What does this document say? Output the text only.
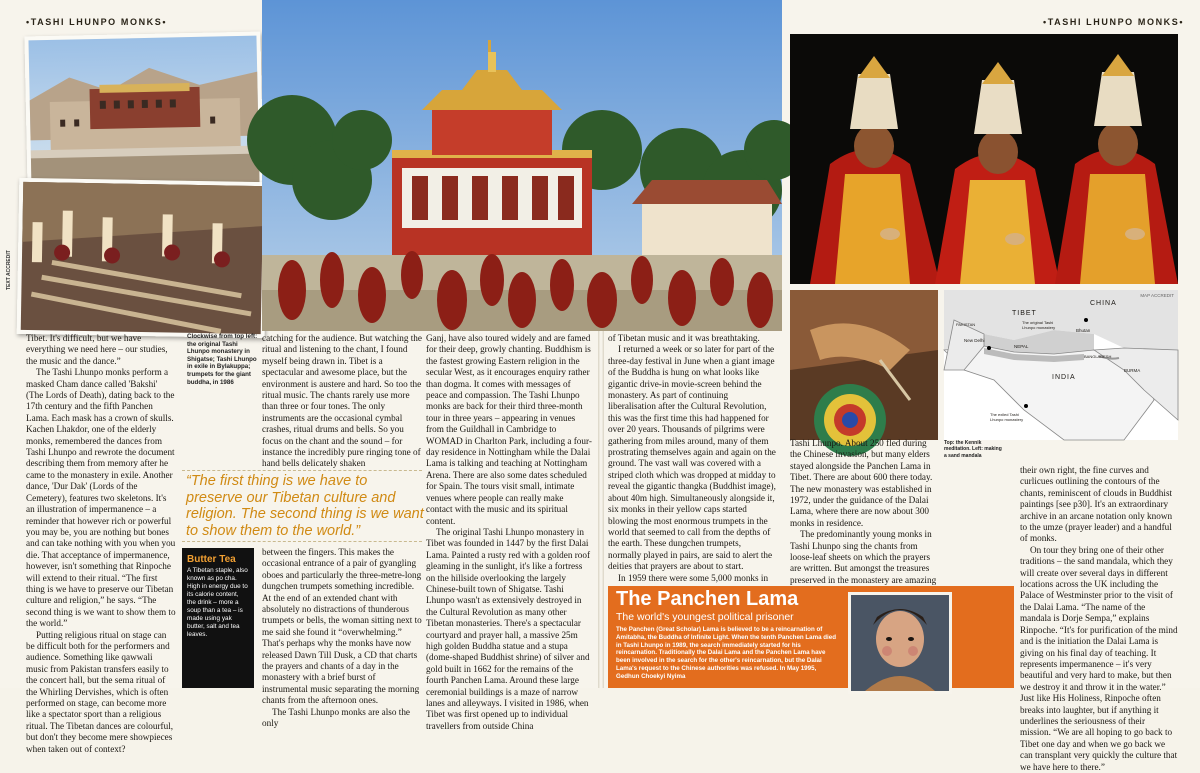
•TASHI LHUNPO MONKS•	•TASHI LHUNPO MONKS•
TEXT ACCREDIT
Clockwise from top left: the original Tashi Lhunpo monastery in Shigatse; Tashi Lhunpo in exile in Bylakuppa; trumpets for the giant buddha, in 1986

Tibet. It's difficult, but we have everything we need here – our studies, the music and the dance.”

The Tashi Lhunpo monks perform a masked Cham dance called 'Bakshi' (The Lords of Death), dating back to the 17th century and the fifth Panchen Lama. Each mask has a crown of skulls. Kachen Lhakdor, one of the elderly monks, remembered the dances from Tashi Lhunpo and rewrote the document describing them from memory after he came to the monastery in exile. Another dance, 'Dur Dak' (Lords of the Cemetery), features two skeletons. It's an illustration of impermanence – a reminder that however rich or powerful you may be, you are nothing but bones and can take nothing with you when you die. That acceptance of impermanence, however, isn't something that Rinpoche will extend to their ritual. “The first thing is we have to preserve our Tibetan culture and religion,” he says. “The second thing is we want to show them to the world.”

Putting religious ritual on stage can be difficult both for the performers and audience. Something like qawwali music from Pakistan transfers easily to the concert hall, but the sema ritual of the Whirling Dervishes, which is often performed on stage, can become more like a spectator sport than a religious ritual. The Tibetan dances are colourful, but don't they become mere showpieces when taken out of context?

catching for the audience. But watching the ritual and listening to the chant, I found myself being drawn in. Tibet is a spectacular and awesome place, but the environment is austere and hard. So too the ritual music. The chants rarely use more than three or four tones. The only instruments are the occasional cymbal crashes, ritual drums and bells. So you focus on the chant and the sound – for instance the incredibly pure ringing tone of hand bells delicately shaken

“The first thing is we have to preserve our Tibetan culture and religion. The second thing is we want to show them to the world.”
Butter Tea
A Tibetan staple, also known as po cha. High in energy due to its calorie content, the drink – more a soup than a tea – is made using yak butter, salt and tea leaves.

between the fingers. This makes the occasional entrance of a pair of gyangling oboes and particularly the three-metre-long dungchen trumpets something incredible. At the end of an extended chant with absolutely no distractions of thunderous trumpets or bells, the woman sitting next to me said she found it “overwhelming.” That's perhaps why the monks have now released Dawn Till Dusk, a CD that charts the prayers and chants of a day in the monastery with a brief burst of instrumental music separating the morning chants from the afternoon ones.

The Tashi Lhunpo monks are also the only

Ganj, have also toured widely and are famed for their deep, growly chanting. Buddhism is the fastest growing Eastern religion in the secular West, as it encourages enquiry rather than dogma. It comes with messages of peace and compassion. The Tashi Lhunpo monks are back for their third three-month tour in three years – appearing in venues from the Guildhall in Cambridge to WOMAD in Charlton Park, including a four-day residence in Nottingham while the Dalai Lama is talking and teaching at Nottingham Arena. There are also some dates scheduled for Spain. The tours visit small, intimate venues where people can really make contact with the music and its spiritual content.

The original Tashi Lhunpo monastery in Tibet was founded in 1447 by the first Dalai Lama. Painted a rusty red with a golden roof gleaming in the sunlight, it's like a fortress on the hillside overlooking the largely Chinese-built town of Shigatse. Tashi Lhunpo wasn't as extensively destroyed in the Cultural Revolution as many other Tibetan monasteries. There's a spectacular courtyard and prayer hall, a massive 25m high golden Buddha statue and a stupa (dome-shaped Buddhist shrine) of silver and gold built in 1662 for the remains of the fourth Panchen Lama. Around these large ceremonial buildings is a maze of narrow lanes and alleyways. I visited in 1986, when Tibet was first opened up to individual travellers from outside China

of Tibetan music and it was breathtaking.

I returned a week or so later for part of the three-day festival in June when a giant image of the Buddha is hung on what looks like gigantic drive-in movie-screen behind the monastery. As part of continuing liberalisation after the Cultural Revolution, this was the first time this had happened for over 20 years. Thousands of pilgrims were gathering from miles around, many of them prostrating themselves again and again on the ground. The vast wall was covered with a striped cloth which was dropped at midday to reveal the gigantic thangka (Buddhist image), about 40m high. Simultaneously alongside it, six monks in their yellow caps started blowing the most enormous trumpets in the world that seemed to call from the depths of the earth. These dungchen trumpets, normally played in pairs, are said to alert the deities that prayers are about to start.

In 1959 there were some 5,000 monks in

MAP ACCREDIT
CHINA
TIBET
The original Tashi Lhunpo monastery
PAKISTAN
New Delhi
NEPAL
Bhutan
INDIA
BANGLADESH
BURMA
The exiled Tashi Lhunpo monastery
Top: the Kennik meditation. Left: making a sand mandala

Tashi Lhunpo. About 250 fled during the Chinese invasion, but many elders stayed alongside the Panchen Lama in Tibet. There are about 600 there today. The new monastery was established in 1972, under the guidance of the Dalai Lama, where there are now about 300 monks in residence.

The predominantly young monks in Tashi Lhunpo sing the chants from loose-leaf sheets on which the prayers are written. But amongst the treasures preserved in the monastery are amazing

their own right, the fine curves and curlicues outlining the contours of the chants, reminiscent of clouds in Buddhist paintings [see p30]. It's an extraordinary archive in an arcane notation only known to the umze (prayer leader) and a handful of monks.

On tour they bring one of their other traditions – the sand mandala, which they will create over several days in different locations across the UK including the Palace of Westminster prior to the visit of the Dalai Lama. “The name of the mandala is Dorje Sempa,” explains Rinpoche. “It's for purification of the mind and is the initiation the Dalai Lama is giving on his final day of teaching. It represents impermanence – it's very beautiful and very hard to make, but then we destroy it and throw it in the water.” Just like His Holiness, Rinpoche often breaks into laughter, but if anything it underlines the seriousness of their mission. “We are all hoping to go back to Tibet one day and when we go back we can transplant very quickly the culture that we have here to there.”

The Panchen Lama
The world's youngest political prisoner
The Panchen (Great Scholar) Lama is believed to be a reincarnation of Amitabha, the Buddha of Infinite Light. When the tenth Panchen Lama died in Tashi Lhunpo in 1989, the search immediately started for his reincarnation. Traditionally the Dalai Lama and the Panchen Lama have been involved in the search for the other's reincarnation, but the Dalai Lama's request to the Chinese authorities was refused. In May 1995, Gedhun Choekyi Nyima
